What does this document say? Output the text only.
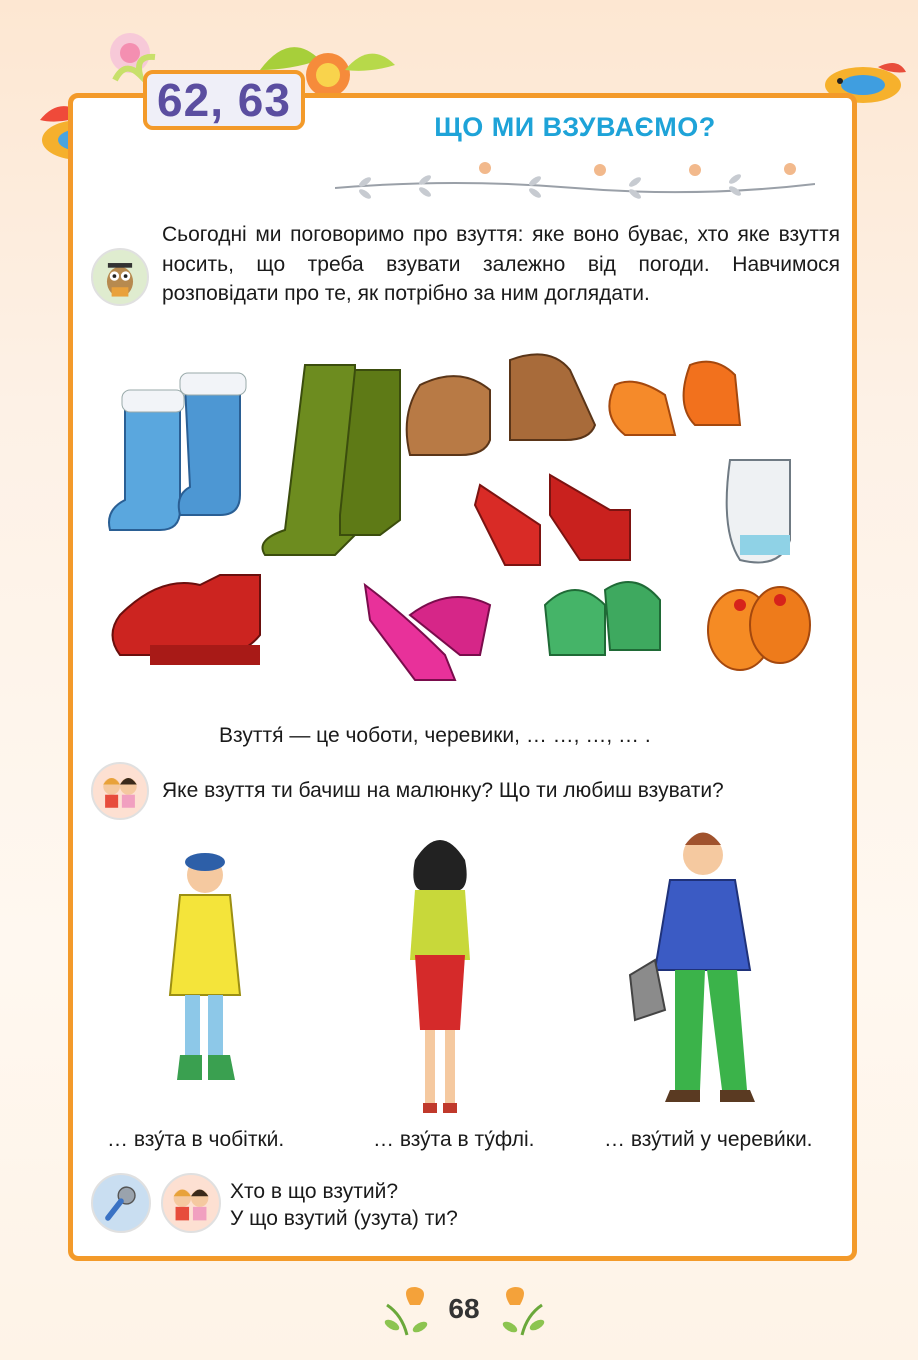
62, 63
ЩО МИ ВЗУВАЄМО?
Сьогодні ми поговоримо про взуття: яке воно буває, хто яке взуття носить, що треба взувати залежно від погоди. Навчимося розповідати про те, як потрібно за ним доглядати.
Взуття́ — це чоботи, черевики, … …, …, … .
Яке взуття ти бачиш на малюнку? Що ти любиш взувати?
… взу́та в чобітки́.	… взу́та в ту́флі.	… взу́тий у череви́ки.
Хто в що взутий?
У що взутий (узута) ти?
68
